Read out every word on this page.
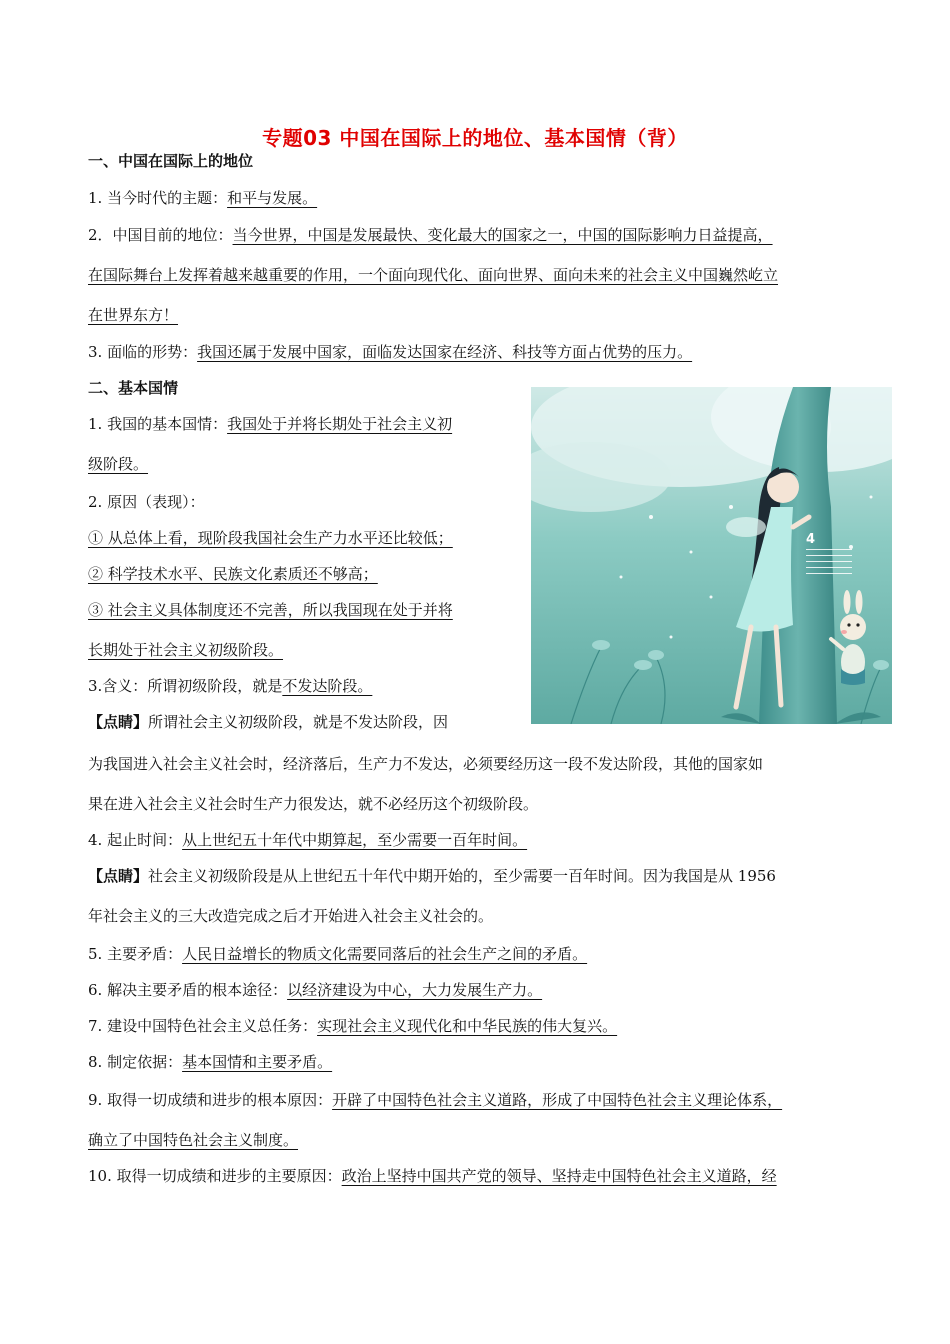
专题03 中国在国际上的地位、基本国情（背）
一、中国在国际上的地位
1. 当今时代的主题：和平与发展。
2．中国目前的地位：当今世界，中国是发展最快、变化最大的国家之一，中国的国际影响力日益提高，
在国际舞台上发挥着越来越重要的作用，一个面向现代化、面向世界、面向未来的社会主义中国巍然屹立
在世界东方！
3. 面临的形势：我国还属于发展中国家，面临发达国家在经济、科技等方面占优势的压力。
二、基本国情
1. 我国的基本国情：我国处于并将长期处于社会主义初
级阶段。
2. 原因（表现）：
① 从总体上看，现阶段我国社会生产力水平还比较低；
② 科学技术水平、民族文化素质还不够高；
③ 社会主义具体制度还不完善，所以我国现在处于并将
长期处于社会主义初级阶段。
3.含义：所谓初级阶段，就是不发达阶段。
【点睛】所谓社会主义初级阶段，就是不发达阶段，因
为我国进入社会主义社会时，经济落后，生产力不发达，必须要经历这一段不发达阶段，其他的国家如
果在进入社会主义社会时生产力很发达，就不必经历这个初级阶段。
4. 起止时间：从上世纪五十年代中期算起，至少需要一百年时间。
【点睛】社会主义初级阶段是从上世纪五十年代中期开始的，至少需要一百年时间。因为我国是从 1956
年社会主义的三大改造完成之后才开始进入社会主义社会的。
5. 主要矛盾：人民日益增长的物质文化需要同落后的社会生产之间的矛盾。
6. 解决主要矛盾的根本途径：以经济建设为中心，大力发展生产力。
7. 建设中国特色社会主义总任务：实现社会主义现代化和中华民族的伟大复兴。
8. 制定依据：基本国情和主要矛盾。
9. 取得一切成绩和进步的根本原因：开辟了中国特色社会主义道路，形成了中国特色社会主义理论体系，
确立了中国特色社会主义制度。
10. 取得一切成绩和进步的主要原因：政治上坚持中国共产党的领导、坚持走中国特色社会主义道路，经
4
